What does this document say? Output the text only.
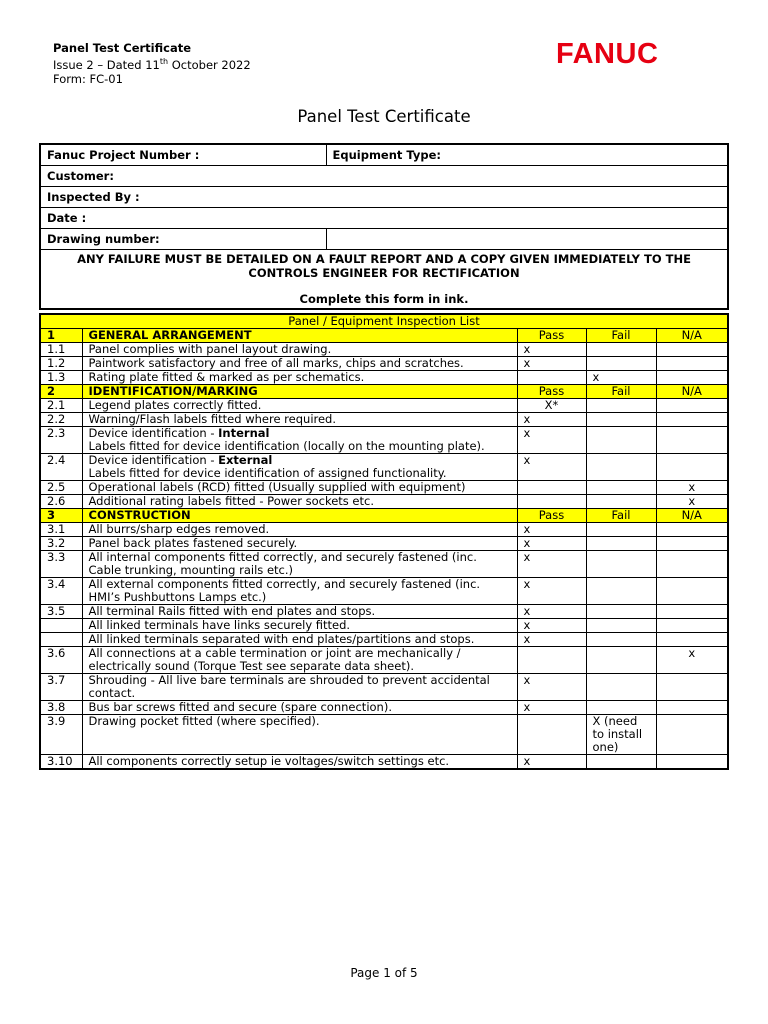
Panel Test Certificate
Issue 2 – Dated 11th October 2022
Form: FC-01
FANUC
Panel Test Certificate
Fanuc Project Number :	Equipment Type:
Customer:	
Inspected By :	
Date :	
Drawing number:	

ANY FAILURE MUST BE DETAILED ON A FAULT REPORT AND A COPY GIVEN IMMEDIATELY TO THE
CONTROLS ENGINEER FOR RECTIFICATION
Complete this form in ink.	
Panel / Equipment Inspection List				
1	GENERAL ARRANGEMENT	Pass	Fail	N/A
1.1	Panel complies with panel layout drawing.	x		
1.2	Paintwork satisfactory and free of all marks, chips and scratches.	x		
1.3	Rating plate fitted & marked as per schematics.		x	
2	IDENTIFICATION/MARKING	Pass	Fail	N/A
2.1	Legend plates correctly fitted.	X*		
2.2	Warning/Flash labels fitted where required.	x		
2.3	Device identification - Internal
Labels fitted for device identification (locally on the mounting plate).	x		
2.4	Device identification - External
Labels fitted for device identification of assigned functionality.	x		
2.5	Operational labels (RCD) fitted (Usually supplied with equipment)			x
2.6	Additional rating labels fitted - Power sockets etc.			x
3	CONSTRUCTION	Pass	Fail	N/A
3.1	All burrs/sharp edges removed.	x		
3.2	Panel back plates fastened securely.	x		
3.3	All internal components fitted correctly, and securely fastened (inc.
Cable trunking, mounting rails etc.)	x		
3.4	All external components fitted correctly, and securely fastened (inc.
HMI’s Pushbuttons Lamps etc.)	x		
3.5	All terminal Rails fitted with end plates and stops.	x		
	All linked terminals have links securely fitted.	x		
	All linked terminals separated with end plates/partitions and stops.	x		
3.6	All connections at a cable termination or joint are mechanically /
electrically sound (Torque Test see separate data sheet).			x
3.7	Shrouding - All live bare terminals are shrouded to prevent accidental
contact.	x		
3.8	Bus bar screws fitted and secure (spare connection).	x		
3.9	Drawing pocket fitted (where specified).		X (need
to install
one)	
3.10	All components correctly setup ie voltages/switch settings etc.	x		
Page 1 of 5
